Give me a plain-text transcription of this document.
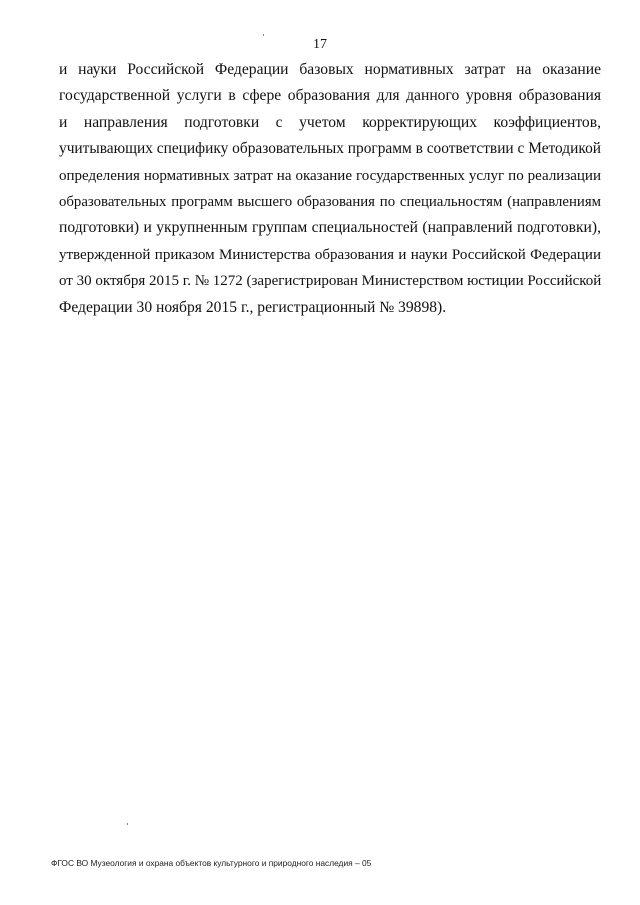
17
и науки Российской Федерации базовых нормативных затрат на оказание
государственной услуги в сфере образования для данного уровня образования
и направления подготовки с учетом корректирующих коэффициентов,
учитывающих специфику образовательных программ в соответствии с Методикой
определения нормативных затрат на оказание государственных услуг по реализации
образовательных программ высшего образования по специальностям (направлениям
подготовки) и укрупненным группам специальностей (направлений подготовки),
утвержденной приказом Министерства образования и науки Российской Федерации
от 30 октября 2015 г. № 1272 (зарегистрирован Министерством юстиции Российской
Федерации 30 ноября 2015 г., регистрационный № 39898).
ФГОС ВО Музеология и охрана объектов культурного и природного наследия – 05
